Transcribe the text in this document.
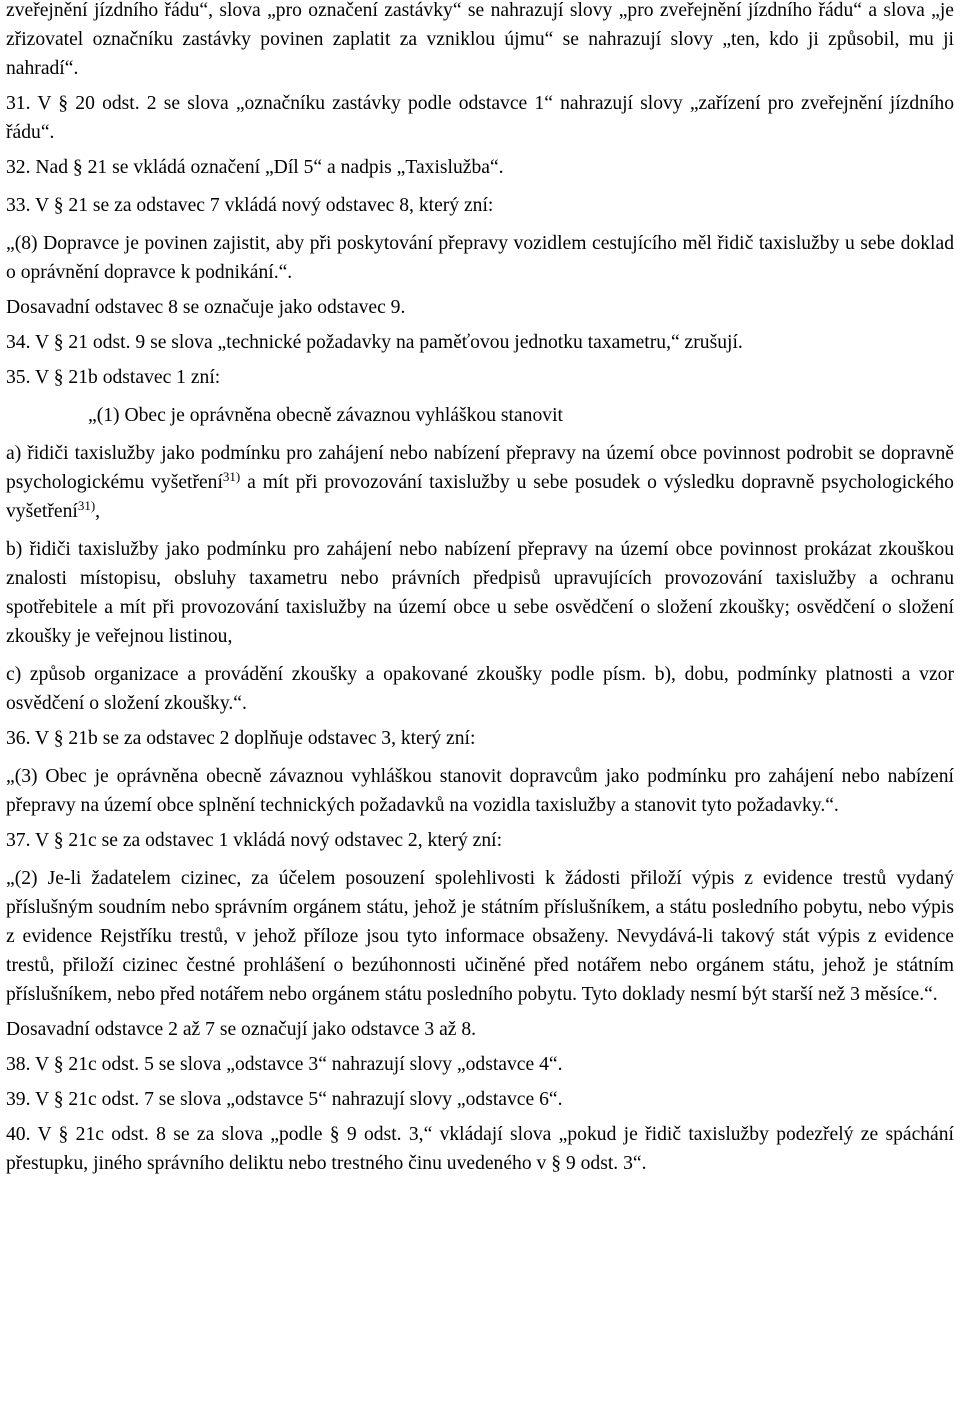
zveřejnění jízdního řádu“, slova „pro označení zastávky“ se nahrazují slovy „pro zveřejnění jízdního řádu“ a slova „je zřizovatel označníku zastávky povinen zaplatit za vzniklou újmu“ se nahrazují slovy „ten, kdo ji způsobil, mu ji nahradí“.

31. V § 20 odst. 2 se slova „označníku zastávky podle odstavce 1“ nahrazují slovy „zařízení pro zveřejnění jízdního řádu“.

32. Nad § 21 se vkládá označení „Díl 5“ a nadpis „Taxislužba“.

33. V § 21 se za odstavec 7 vkládá nový odstavec 8, který zní:

„(8) Dopravce je povinen zajistit, aby při poskytování přepravy vozidlem cestujícího měl řidič taxislužby u sebe doklad o oprávnění dopravce k podnikání.“.

Dosavadní odstavec 8 se označuje jako odstavec 9.

34. V § 21 odst. 9 se slova „technické požadavky na paměťovou jednotku taxametru,“ zrušují.

35. V § 21b odstavec 1 zní:

„(1) Obec je oprávněna obecně závaznou vyhláškou stanovit

a) řidiči taxislužby jako podmínku pro zahájení nebo nabízení přepravy na území obce povinnost podrobit se dopravně psychologickému vyšetření$^{31)}$ a mít při provozování taxislužby u sebe posudek o výsledku dopravně psychologického vyšetření$^{31)}$,

b) řidiči taxislužby jako podmínku pro zahájení nebo nabízení přepravy na území obce povinnost prokázat zkouškou znalosti místopisu, obsluhy taxametru nebo právních předpisů upravujících provozování taxislužby a ochranu spotřebitele a mít při provozování taxislužby na území obce u sebe osvědčení o složení zkoušky; osvědčení o složení zkoušky je veřejnou listinou,

c) způsob organizace a provádění zkoušky a opakované zkoušky podle písm. b), dobu, podmínky platnosti a vzor osvědčení o složení zkoušky.“.

36. V § 21b se za odstavec 2 doplňuje odstavec 3, který zní:

„(3) Obec je oprávněna obecně závaznou vyhláškou stanovit dopravcům jako podmínku pro zahájení nebo nabízení přepravy na území obce splnění technických požadavků na vozidla taxislužby a stanovit tyto požadavky.“.

37. V § 21c se za odstavec 1 vkládá nový odstavec 2, který zní:

„(2) Je-li žadatelem cizinec, za účelem posouzení spolehlivosti k žádosti přiloží výpis z evidence trestů vydaný příslušným soudním nebo správním orgánem státu, jehož je státním příslušníkem, a státu posledního pobytu, nebo výpis z evidence Rejstříku trestů, v jehož příloze jsou tyto informace obsaženy. Nevydává-li takový stát výpis z evidence trestů, přiloží cizinec čestné prohlášení o bezúhonnosti učiněné před notářem nebo orgánem státu, jehož je státním příslušníkem, nebo před notářem nebo orgánem státu posledního pobytu. Tyto doklady nesmí být starší než 3 měsíce.“.

Dosavadní odstavce 2 až 7 se označují jako odstavce 3 až 8.

38. V § 21c odst. 5 se slova „odstavce 3“ nahrazují slovy „odstavce 4“.

39. V § 21c odst. 7 se slova „odstavce 5“ nahrazují slovy „odstavce 6“.

40. V § 21c odst. 8 se za slova „podle § 9 odst. 3,“ vkládají slova „pokud je řidič taxislužby podezřelý ze spáchání přestupku, jiného správního deliktu nebo trestného činu uvedeného v § 9 odst. 3“.
